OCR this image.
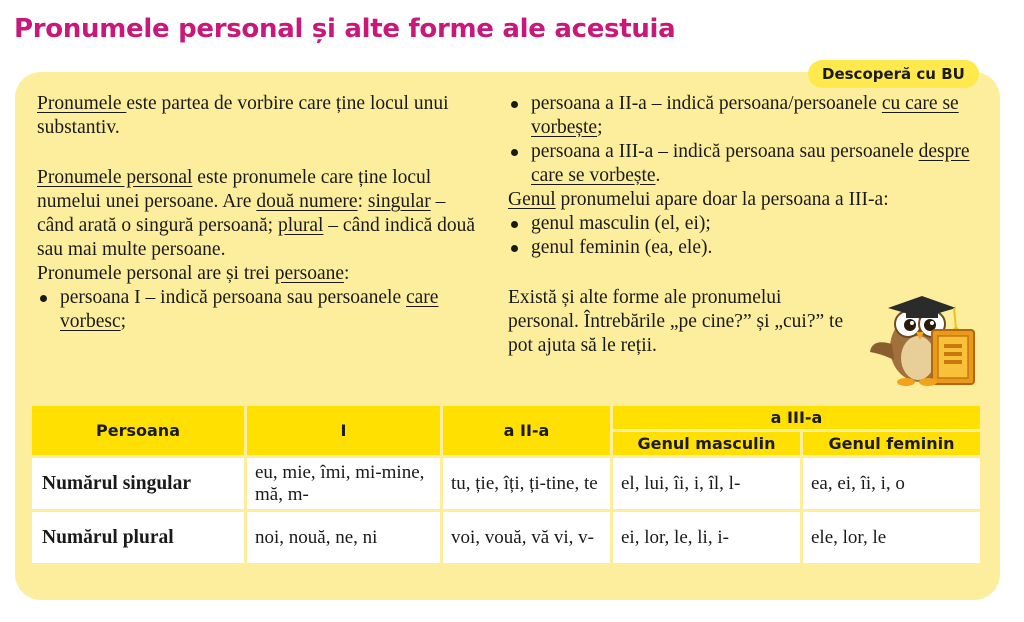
Pronumele personal și alte forme ale acestuia
Descoperă cu BU

Pronumele este partea de vorbire care ține locul unui substantiv.

Pronumele personal este pronumele care ține locul numelui unei persoane. Are două numere: singular – când arată o singură persoană; plural – când indică două sau mai multe persoane.

Pronumele personal are și trei persoane:

persoana I – indică persoana sau persoanele care vorbesc;

persoana a II-a – indică persoana/persoanele cu care se vorbește;

persoana a III-a – indică persoana sau persoanele despre care se vorbește.

Genul pronumelui apare doar la persoana a III-a:

genul masculin (el, ei);

genul feminin (ea, ele).

Există și alte forme ale pronumelui personal. Întrebările „pe cine?” și „cui?” te pot ajuta să le reții.

Persoana	I	a II-a	a III-a	
			Genul masculin	Genul feminin
Numărul singular	eu, mie, îmi, mi-mine, mă, m-	tu, ție, îți, ți-tine, te	el, lui, îi, i, îl, l-	ea, ei, îi, i, o
Numărul plural	noi, nouă, ne, ni	voi, vouă, vă vi, v-	ei, lor, le, li, i-	ele, lor, le
